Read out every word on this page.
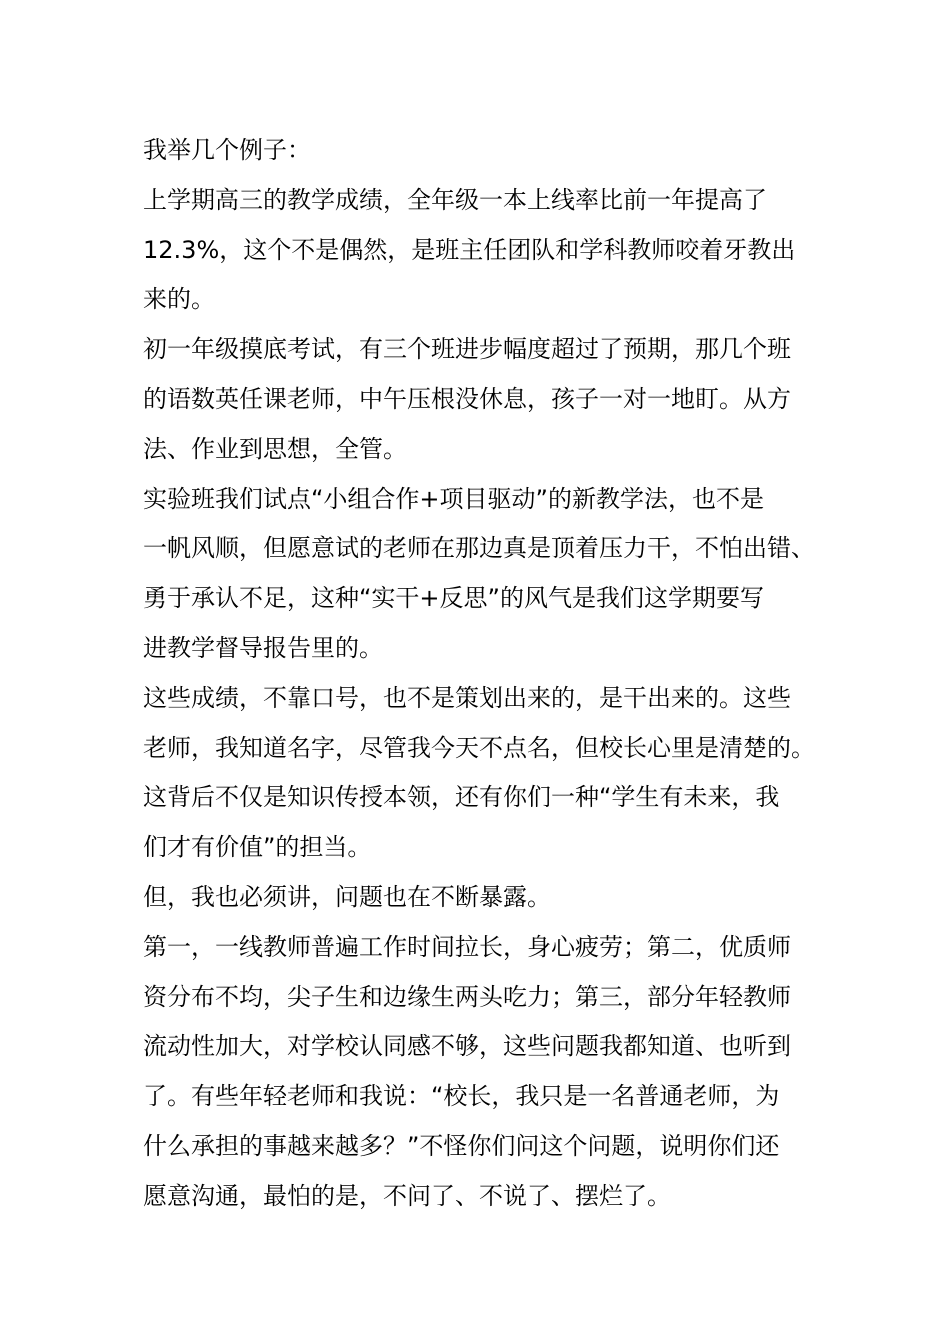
我举几个例子：

上学期高三的教学成绩，全年级一本上线率比前一年提高了

12.3%，这个不是偶然，是班主任团队和学科教师咬着牙教出

来的。

初一年级摸底考试，有三个班进步幅度超过了预期，那几个班

的语数英任课老师，中午压根没休息，孩子一对一地盯。从方

法、作业到思想，全管。

实验班我们试点“小组合作+项目驱动”的新教学法，也不是

一帆风顺，但愿意试的老师在那边真是顶着压力干，不怕出错、

勇于承认不足，这种“实干+反思”的风气是我们这学期要写

进教学督导报告里的。

这些成绩，不靠口号，也不是策划出来的，是干出来的。这些

老师，我知道名字，尽管我今天不点名，但校长心里是清楚的。

这背后不仅是知识传授本领，还有你们一种“学生有未来，我

们才有价值”的担当。

但，我也必须讲，问题也在不断暴露。

第一，一线教师普遍工作时间拉长，身心疲劳；第二，优质师

资分布不均，尖子生和边缘生两头吃力；第三，部分年轻教师

流动性加大，对学校认同感不够，这些问题我都知道、也听到

了。有些年轻老师和我说：“校长，我只是一名普通老师，为

什么承担的事越来越多？”不怪你们问这个问题，说明你们还

愿意沟通，最怕的是，不问了、不说了、摆烂了。
